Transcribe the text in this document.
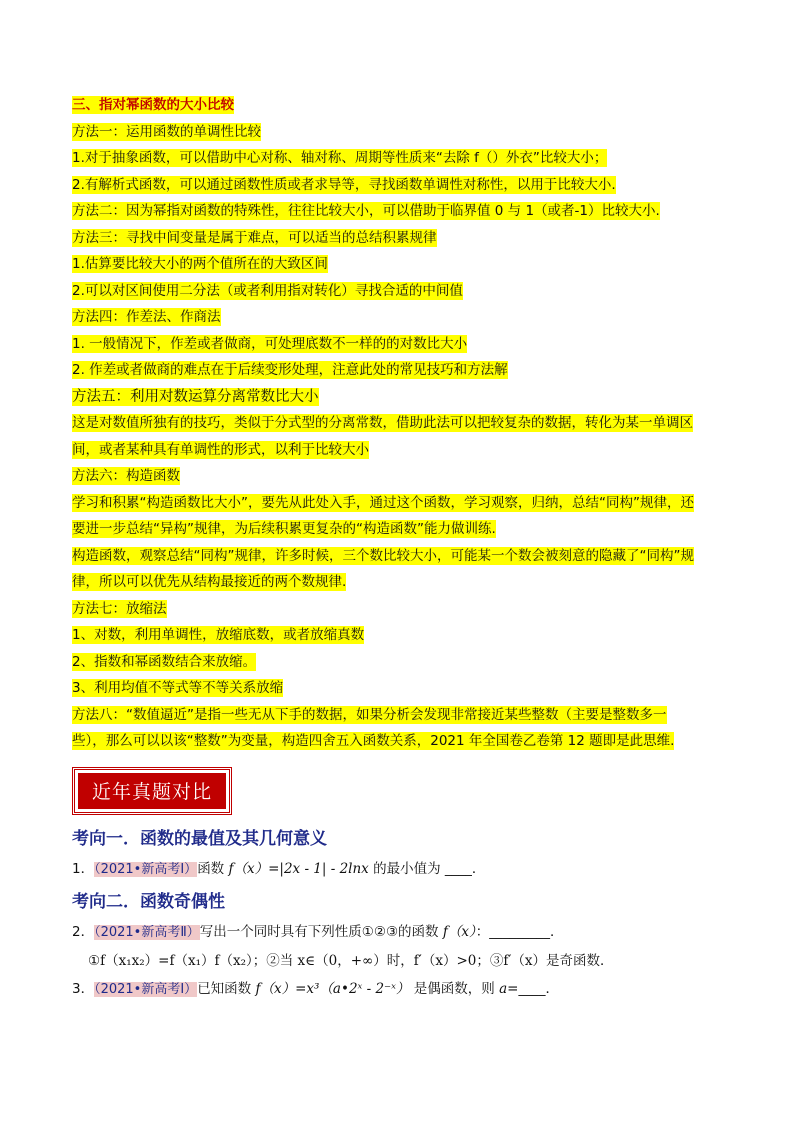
三、指对幂函数的大小比较
方法一：运用函数的单调性比较
1.对于抽象函数，可以借助中心对称、轴对称、周期等性质来“去除 f（）外衣”比较大小；
2.有解析式函数，可以通过函数性质或者求导等，寻找函数单调性对称性，以用于比较大小.
方法二：因为幂指对函数的特殊性，往往比较大小，可以借助于临界值 0 与 1（或者-1）比较大小.
方法三：寻找中间变量是属于难点，可以适当的总结积累规律
1.估算要比较大小的两个值所在的大致区间
2.可以对区间使用二分法（或者利用指对转化）寻找合适的中间值
方法四：作差法、作商法
1. 一般情况下，作差或者做商，可处理底数不一样的的对数比大小
2. 作差或者做商的难点在于后续变形处理，注意此处的常见技巧和方法解
方法五：利用对数运算分离常数比大小
这是对数值所独有的技巧，类似于分式型的分离常数，借助此法可以把较复杂的数据，转化为某一单调区
间，或者某种具有单调性的形式，以利于比较大小
方法六：构造函数
学习和积累“构造函数比大小”，要先从此处入手，通过这个函数，学习观察，归纳，总结“同构”规律，还
要进一步总结“异构”规律，为后续积累更复杂的“构造函数”能力做训练.
构造函数，观察总结“同构”规律，许多时候，三个数比较大小，可能某一个数会被刻意的隐藏了“同构”规
律，所以可以优先从结构最接近的两个数规律.
方法七：放缩法
1、对数，利用单调性，放缩底数，或者放缩真数
2、指数和幂函数结合来放缩。
3、利用均值不等式等不等关系放缩
方法八：“数值逼近”是指一些无从下手的数据，如果分析会发现非常接近某些整数（主要是整数多一
些），那么可以以该“整数”为变量，构造四舍五入函数关系，2021 年全国卷乙卷第 12 题即是此思维.
近年真题对比
考向一．函数的最值及其几何意义
1．（2021•新高考Ⅰ）函数 f（x）=|2x - 1| - 2lnx 的最小值为 ____．
考向二．函数奇偶性
2．（2021•新高考Ⅱ）写出一个同时具有下列性质①②③的函数 f（x）：_________．
①f（x₁x₂）=f（x₁）f（x₂）；②当 x∈（0，+∞）时，f′（x）>0；③f′（x）是奇函数．
3．（2021•新高考Ⅰ）已知函数 f（x）=x³（a•2ˣ - 2⁻ˣ） 是偶函数，则 a=____．
